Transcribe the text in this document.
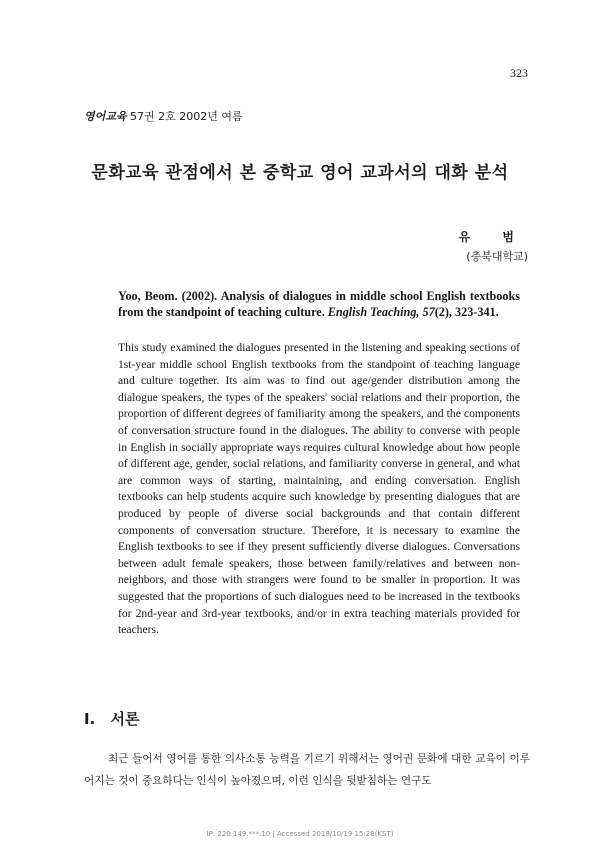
323
영어교육 57권 2호 2002년 여름
문화교육 관점에서 본 중학교 영어 교과서의 대화 분석
유 범
(충북대학교)
Yoo, Beom. (2002). Analysis of dialogues in middle school English textbooks from the standpoint of teaching culture. English Teaching, 57(2), 323-341.

This study examined the dialogues presented in the listening and speaking sections of 1st-year middle school English textbooks from the standpoint of teaching language and culture together. Its aim was to find out age/gender distribution among the dialogue speakers, the types of the speakers' social relations and their proportion, the proportion of different degrees of familiarity among the speakers, and the components of conversation structure found in the dialogues. The ability to converse with people in English in socially appropriate ways requires cultural knowledge about how people of different age, gender, social relations, and familiarity converse in general, and what are common ways of starting, maintaining, and ending conversation. English textbooks can help students acquire such knowledge by presenting dialogues that are produced by people of diverse social backgrounds and that contain different components of conversation structure. Therefore, it is necessary to examine the English textbooks to see if they present sufficiently diverse dialogues. Conversations between adult female speakers, those between family/relatives and between non-neighbors, and those with strangers were found to be smaller in proportion. It was suggested that the proportions of such dialogues need to be increased in the textbooks for 2nd-year and 3rd-year textbooks, and/or in extra teaching materials provided for teachers.

I. 서론

최근 들어서 영어를 통한 의사소통 능력을 기르기 위해서는 영어권 문화에 대한 교육이 이루어지는 것이 중요하다는 인식이 높아졌으며, 이런 인식을 뒷받침하는 연구도

IP: 220.149.***.10 | Accessed 2018/10/19 15:28(KST)
